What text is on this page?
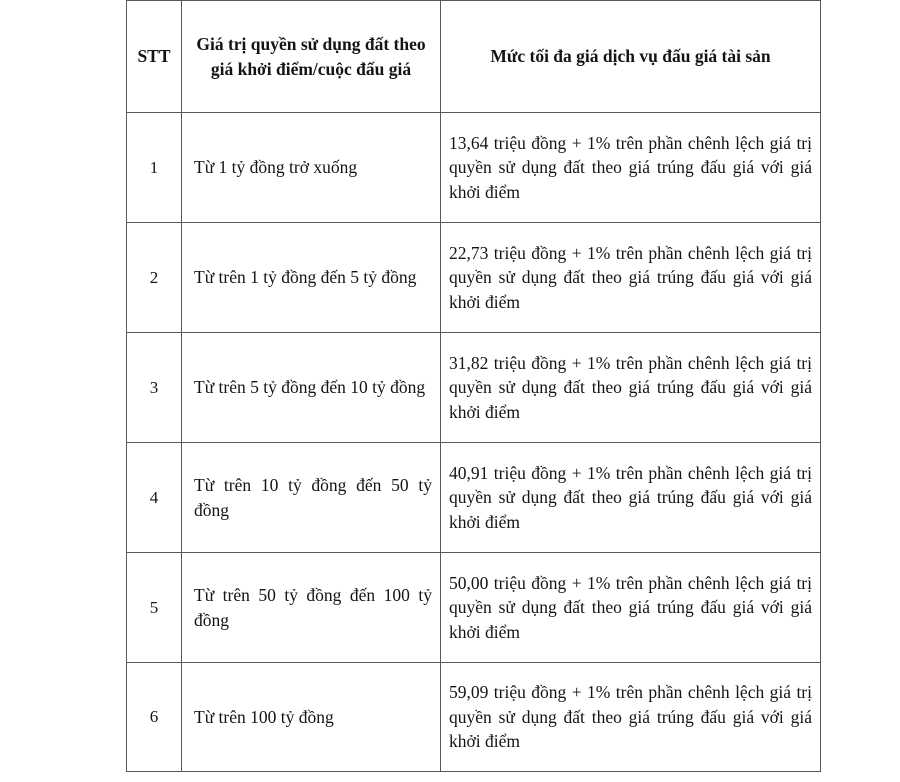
STT	Giá trị quyền sử dụng đất theo giá khởi điểm/cuộc đấu giá	Mức tối đa giá dịch vụ đấu giá tài sản
1	Từ 1 tỷ đồng trở xuống	13,64 triệu đồng + 1% trên phần chênh lệch giá trị quyền sử dụng đất theo giá trúng đấu giá với giá khởi điểm
2	Từ trên 1 tỷ đồng đến 5 tỷ đồng	22,73 triệu đồng + 1% trên phần chênh lệch giá trị quyền sử dụng đất theo giá trúng đấu giá với giá khởi điểm
3	Từ trên 5 tỷ đồng đến 10 tỷ đồng	31,82 triệu đồng + 1% trên phần chênh lệch giá trị quyền sử dụng đất theo giá trúng đấu giá với giá khởi điểm
4	Từ trên 10 tỷ đồng đến 50 tỷ đồng	40,91 triệu đồng + 1% trên phần chênh lệch giá trị quyền sử dụng đất theo giá trúng đấu giá với giá khởi điểm
5	Từ trên 50 tỷ đồng đến 100 tỷ đồng	50,00 triệu đồng + 1% trên phần chênh lệch giá trị quyền sử dụng đất theo giá trúng đấu giá với giá khởi điểm
6	Từ trên 100 tỷ đồng	59,09 triệu đồng + 1% trên phần chênh lệch giá trị quyền sử dụng đất theo giá trúng đấu giá với giá khởi điểm
